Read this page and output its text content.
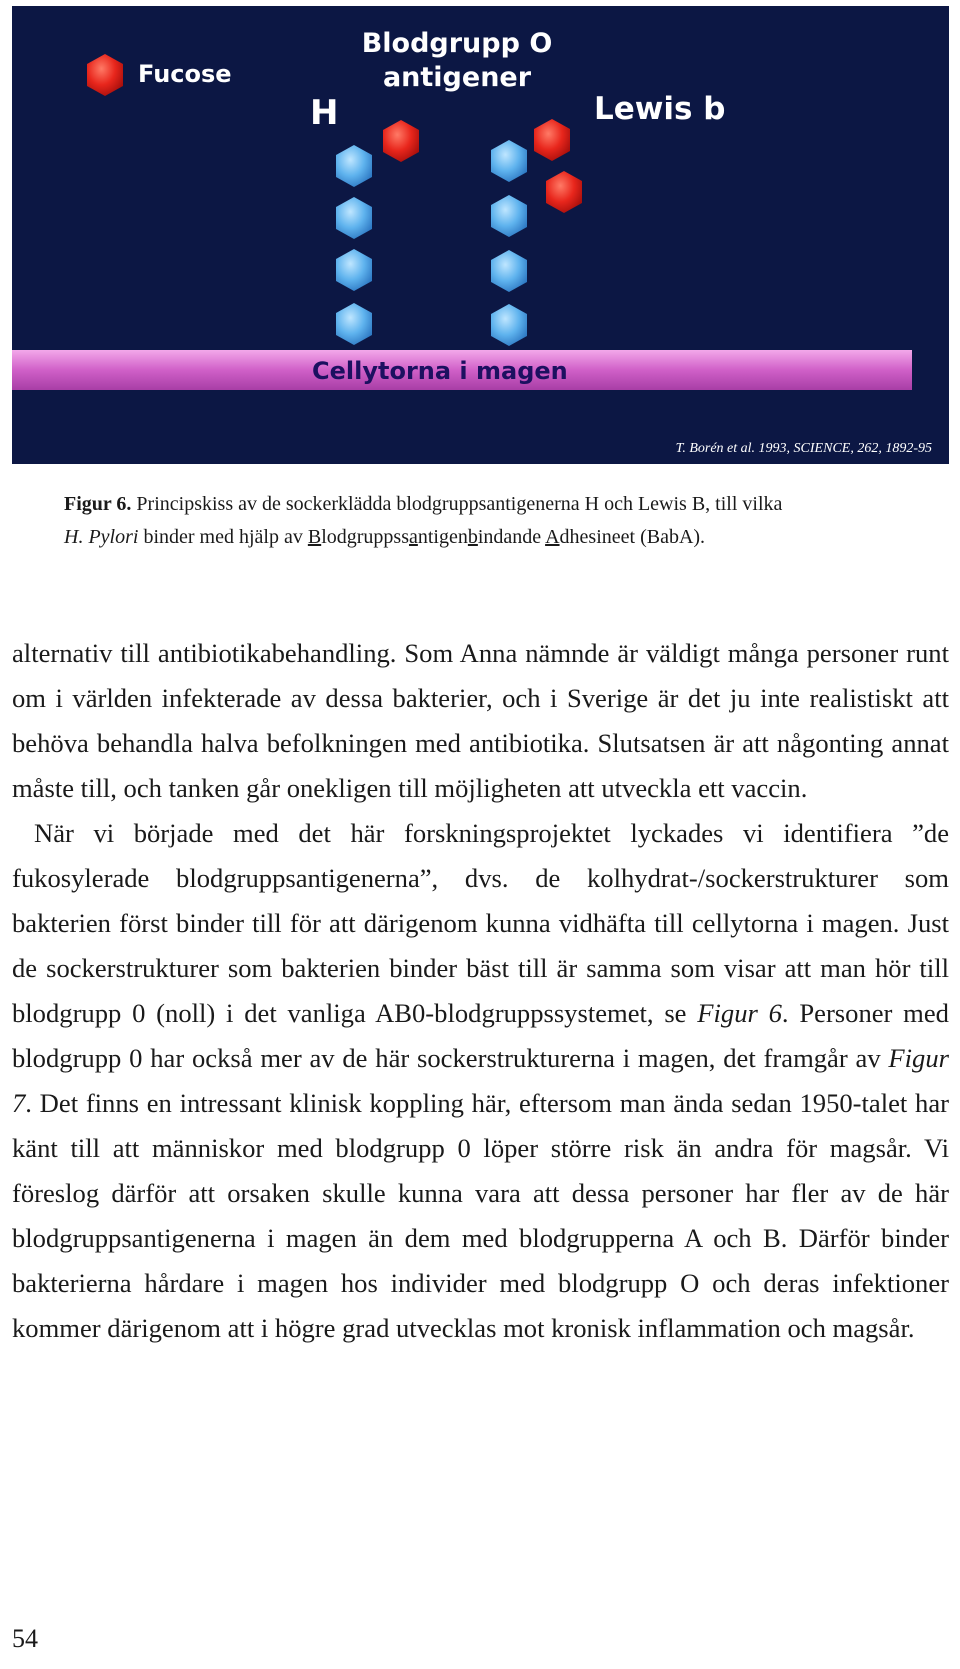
Fucose
Blodgrupp O
antigener
H	Lewis b
Cellytorna i magen
T. Borén et al. 1993, SCIENCE, 262, 1892-95
Figur 6. Principskiss av de sockerklädda blodgruppsantigenerna H och Lewis B, till vilka
H. Pylori binder med hjälp av Blodgruppssantigenbindande Adhesineet (BabA).

alternativ till antibiotikabehandling. Som Anna nämnde är väldigt många personer runt om i världen infekterade av dessa bakterier, och i Sverige är det ju inte realistiskt att behöva behandla halva befolkningen med antibiotika. Slutsatsen är att någonting annat måste till, och tanken går onekligen till möjligheten att utveckla ett vaccin.

När vi började med det här forskningsprojektet lyckades vi identifiera ”de fukosylerade blodgruppsantigenerna”, dvs. de kolhydrat-/sockerstrukturer som bakterien först binder till för att därigenom kunna vidhäfta till cellytorna i magen. Just de sockerstrukturer som bakterien binder bäst till är samma som visar att man hör till blodgrupp 0 (noll) i det vanliga AB0-blodgruppssystemet, se Figur 6. Personer med blodgrupp 0 har också mer av de här sockerstrukturerna i magen, det framgår av Figur 7. Det finns en intressant klinisk koppling här, eftersom man ända sedan 1950-talet har känt till att människor med blodgrupp 0 löper större risk än andra för magsår. Vi föreslog därför att orsaken skulle kunna vara att dessa personer har fler av de här blodgruppsantigenerna i magen än dem med blodgrupperna A och B. Därför binder bakterierna hårdare i magen hos individer med blodgrupp O och deras infektioner kommer därigenom att i högre grad utvecklas mot kronisk inflammation och magsår.

54
